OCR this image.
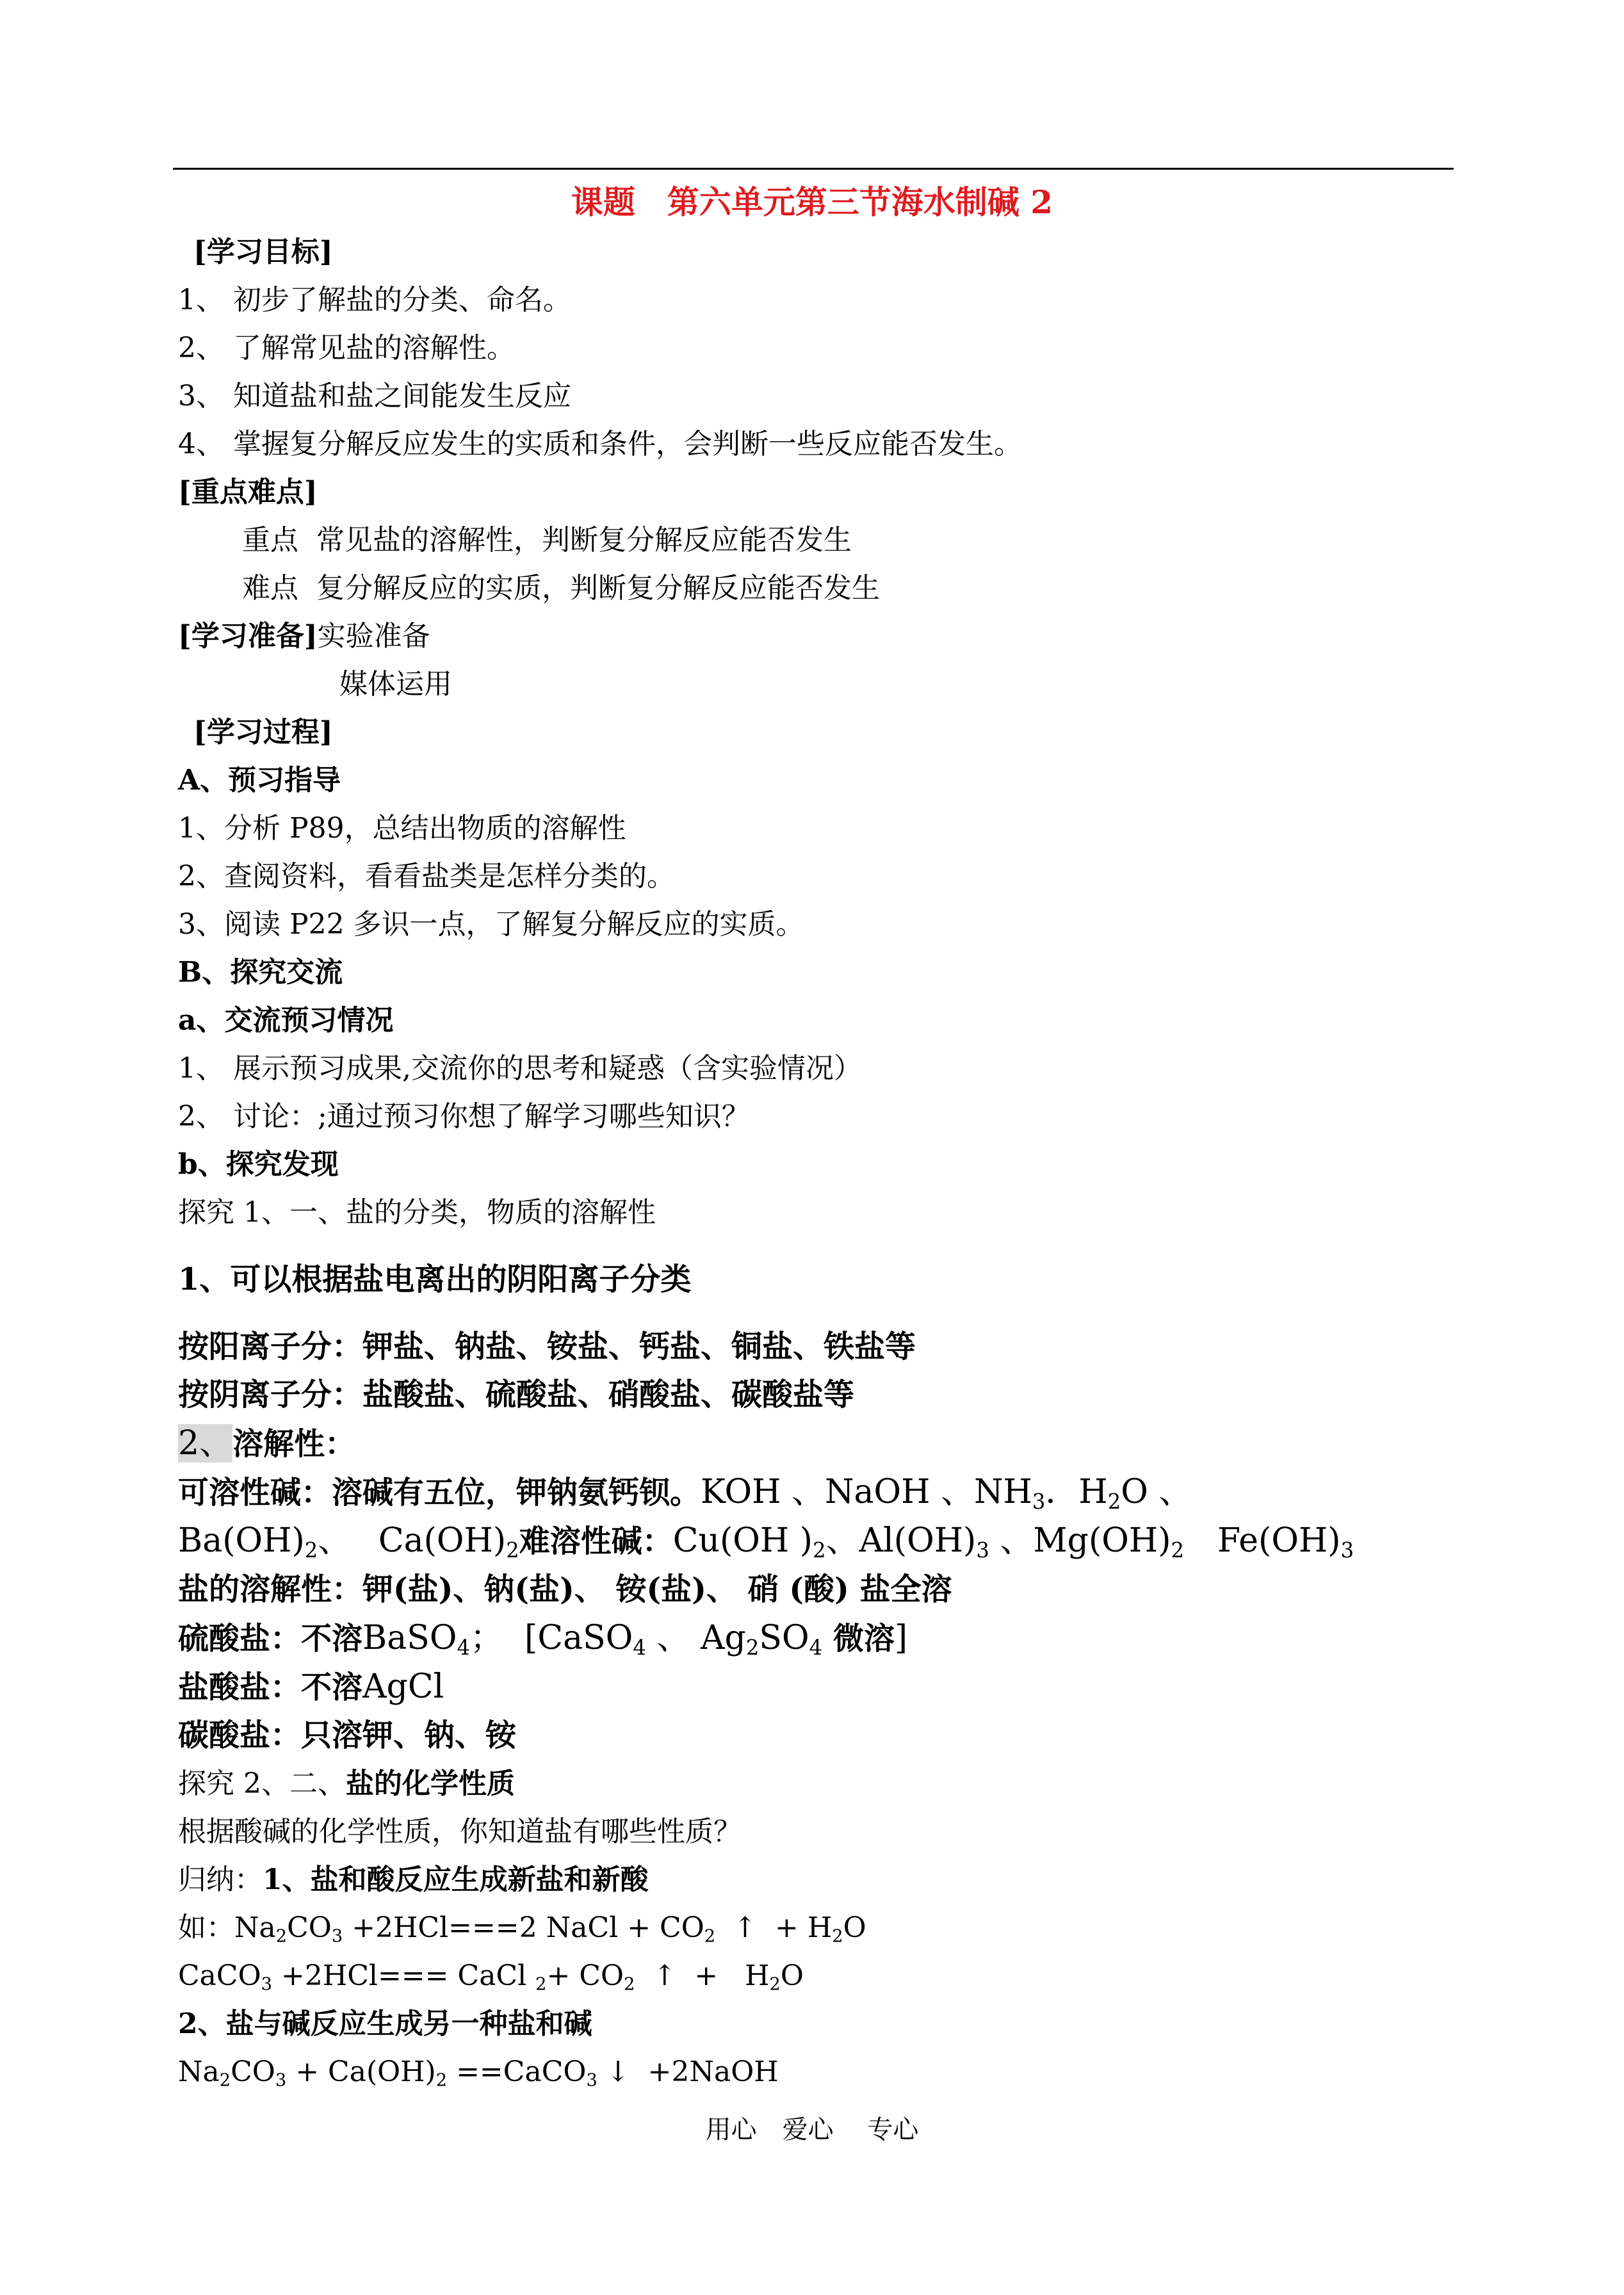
课题　第六单元第三节海水制碱 2
[学习目标]
1、 初步了解盐的分类、命名。
2、 了解常见盐的溶解性。
3、 知道盐和盐之间能发生反应
4、 掌握复分解反应发生的实质和条件，会判断一些反应能否发生。
[重点难点]
重点  常见盐的溶解性，判断复分解反应能否发生
难点  复分解反应的实质，判断复分解反应能否发生
[学习准备]实验准备
媒体运用
[学习过程]
A、预习指导
1、分析 P89，总结出物质的溶解性
2、查阅资料，看看盐类是怎样分类的。
3、阅读 P22 多识一点，了解复分解反应的实质。
B、探究交流
a、交流预习情况
1、 展示预习成果,交流你的思考和疑惑（含实验情况）
2、 讨论：;通过预习你想了解学习哪些知识？
b、探究发现
探究 1、一、盐的分类，物质的溶解性
1、可以根据盐电离出的阴阳离子分类
按阳离子分：钾盐、钠盐、铵盐、钙盐、铜盐、铁盐等
按阴离子分：盐酸盐、硫酸盐、硝酸盐、碳酸盐等
2、溶解性：
可溶性碱：溶碱有五位，钾钠氨钙钡。KOH 、NaOH 、$NH_3$．$H_2O$ 、
$Ba(OH)_2$、　 $Ca(OH)_2$难溶性碱：Cu(OH )$_2$、$Al(OH)_3$ 、$Mg(OH)_2$　 $Fe(OH)_3$
盐的溶解性：钾(盐)、钠(盐)、 铵(盐)、 硝 (酸) 盐全溶
硫酸盐：不溶BaSO$_4$；  [CaSO$_4$ 、 $Ag_2SO_4$ 微溶]
盐酸盐：不溶AgCl
碳酸盐：只溶钾、钠、铵
探究 2、二、盐的化学性质
根据酸碱的化学性质，你知道盐有哪些性质？
归纳：1、盐和酸反应生成新盐和新酸
如：$Na_2CO_3 +2HCl===2$ NaCl + $CO_2$  ↑  + $H_2O$
CaCO$_3$ +2HCl=== CaCl $_2+ CO_2$  ↑  +   $H_2O$
2、盐与碱反应生成另一种盐和碱
$Na_2CO_3 + Ca(OH)_2$ ==CaCO$_3$ ↓  +2NaOH
用心　爱心　 专心
